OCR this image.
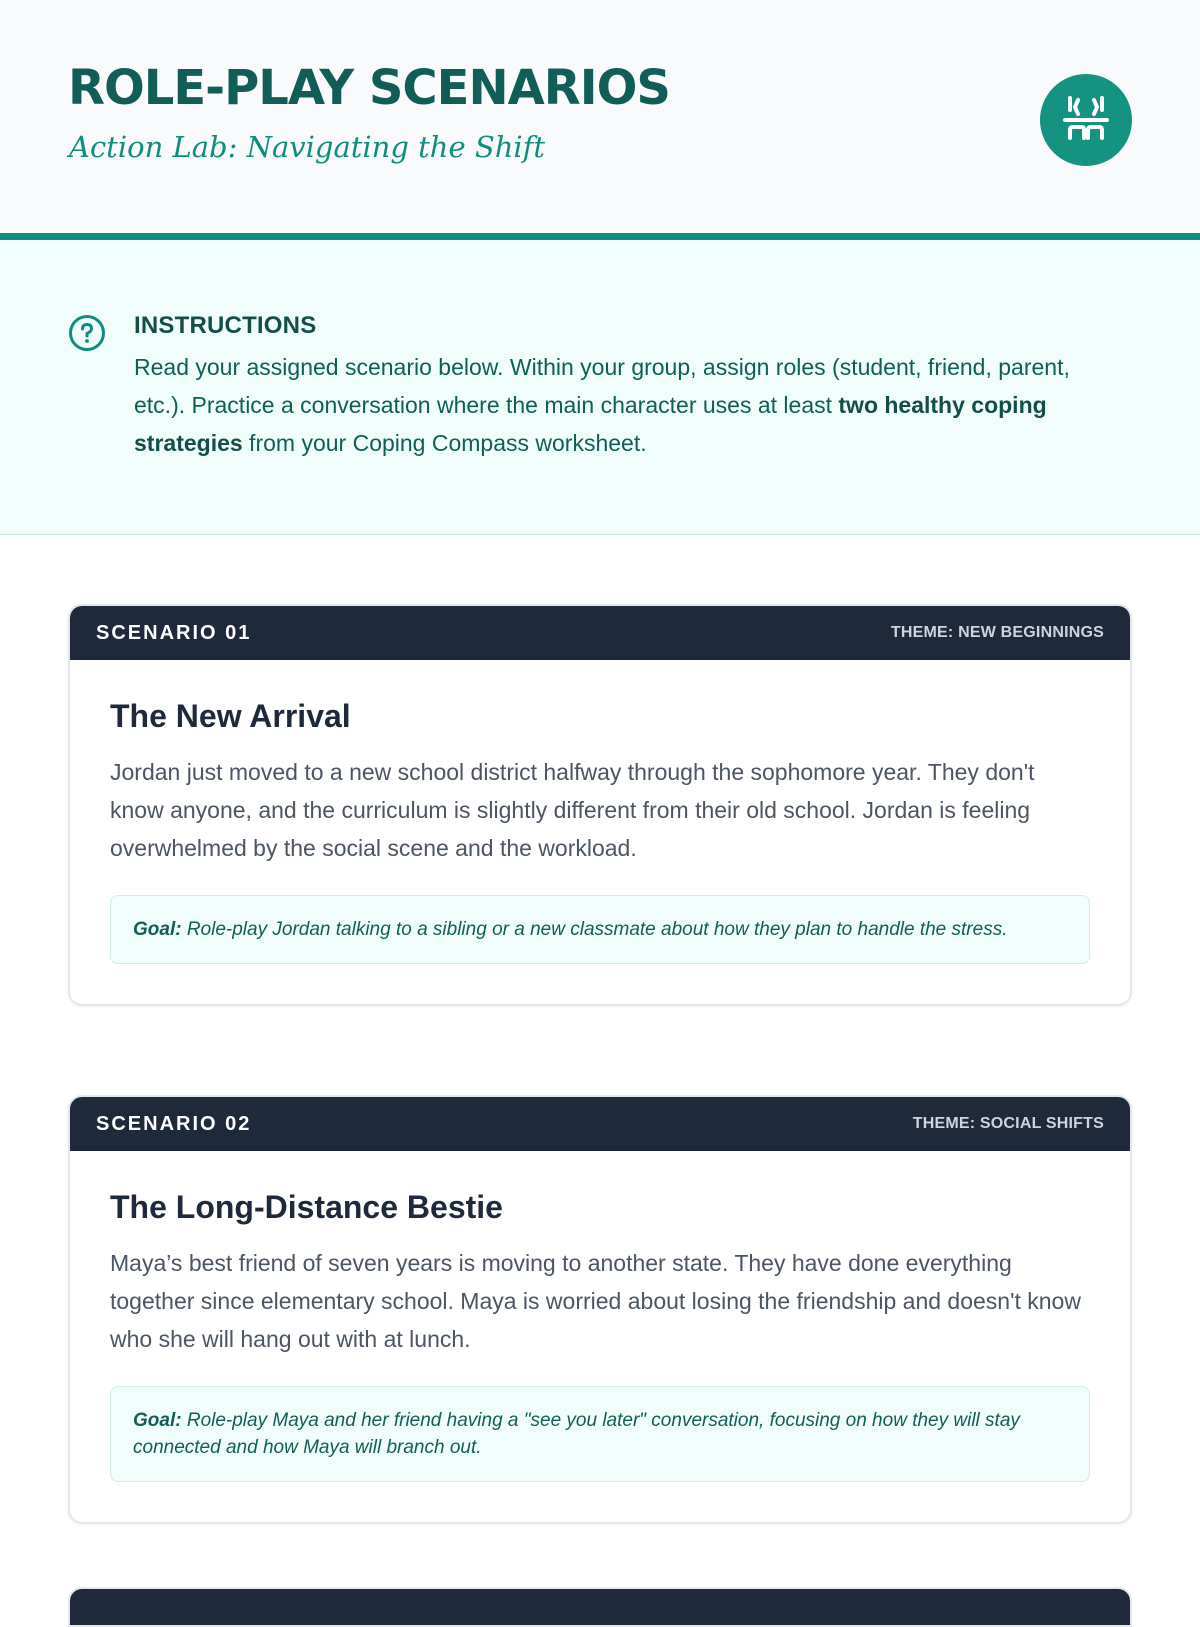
ROLE-PLAY SCENARIOS

Action Lab: Navigating the Shift

INSTRUCTIONS

Read your assigned scenario below. Within your group, assign roles (student, friend, parent, etc.). Practice a conversation where the main character uses at least two healthy coping strategies from your Coping Compass worksheet.

SCENARIO 01	THEME: NEW BEGINNINGS
The New Arrival

Jordan just moved to a new school district halfway through the sophomore year. They don't know anyone, and the curriculum is slightly different from their old school. Jordan is feeling overwhelmed by the social scene and the workload.

Goal: Role-play Jordan talking to a sibling or a new classmate about how they plan to handle the stress.
SCENARIO 02	THEME: SOCIAL SHIFTS
The Long-Distance Bestie

Maya’s best friend of seven years is moving to another state. They have done everything together since elementary school. Maya is worried about losing the friendship and doesn't know who she will hang out with at lunch.

Goal: Role-play Maya and her friend having a "see you later" conversation, focusing on how they will stay connected and how Maya will branch out.
